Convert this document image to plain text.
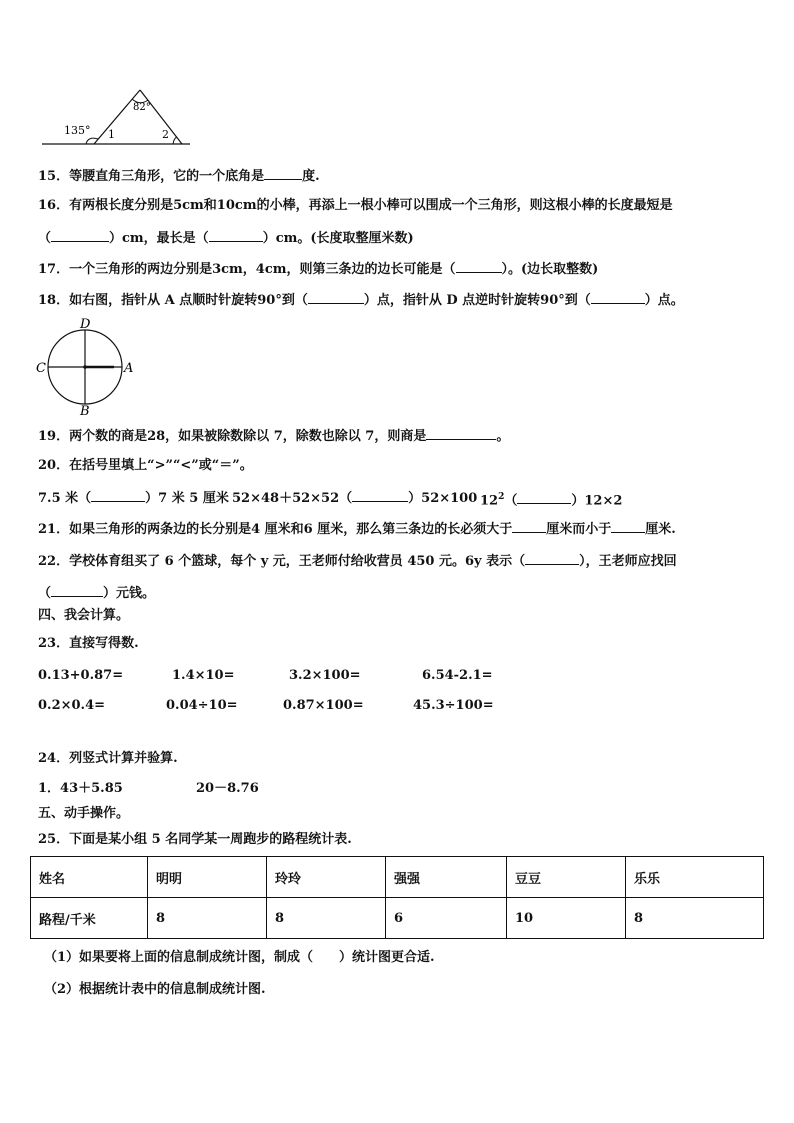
82°
135° 1	2
15．等腰直角三角形，它的一个底角是	度.
16．有两根长度分别是5cm和10cm的小棒，再添上一根小棒可以围成一个三角形，则这根小棒的长度最短是
（	）cm，最长是（	）cm。(长度取整厘米数)
17．一个三角形的两边分别是3cm，4cm，则第三条边的边长可能是（	）。(边长取整数)
18．如右图，指针从 A 点顺时针旋转90°到（	）点，指针从 D 点逆时针旋转90°到（	）点。
D
C	A
B
19．两个数的商是28，如果被除数除以 7，除数也除以 7，则商是	。
20．在括号里填上“>”“<”或“＝”。
7.5 米（	）7 米 5 厘米 52×48＋52×52（	）52×100 $12^2$（	）12×2
21．如果三角形的两条边的长分别是4 厘米和6 厘米，那么第三条边的长必须大于	厘米而小于	厘米.
22．学校体育组买了 6 个篮球，每个 y 元，王老师付给收营员 450 元。6y 表示（	），王老师应找回
（	）元钱。
四、我会计算。
23．直接写得数.
0.13+0.87=	1.4×10=	3.2×100=	6.54-2.1=
0.2×0.4=	0.04÷10=	0.87×100=	45.3÷100=
24．列竖式计算并验算.
1．43＋5.85	20－8.76
五、动手操作。
25．下面是某小组 5 名同学某一周跑步的路程统计表.
姓名	明明	玲玲	强强	豆豆	乐乐
路程/千米	8	8	6	10	8
（1）如果要将上面的信息制成统计图，制成（　　）统计图更合适.
（2）根据统计表中的信息制成统计图.
